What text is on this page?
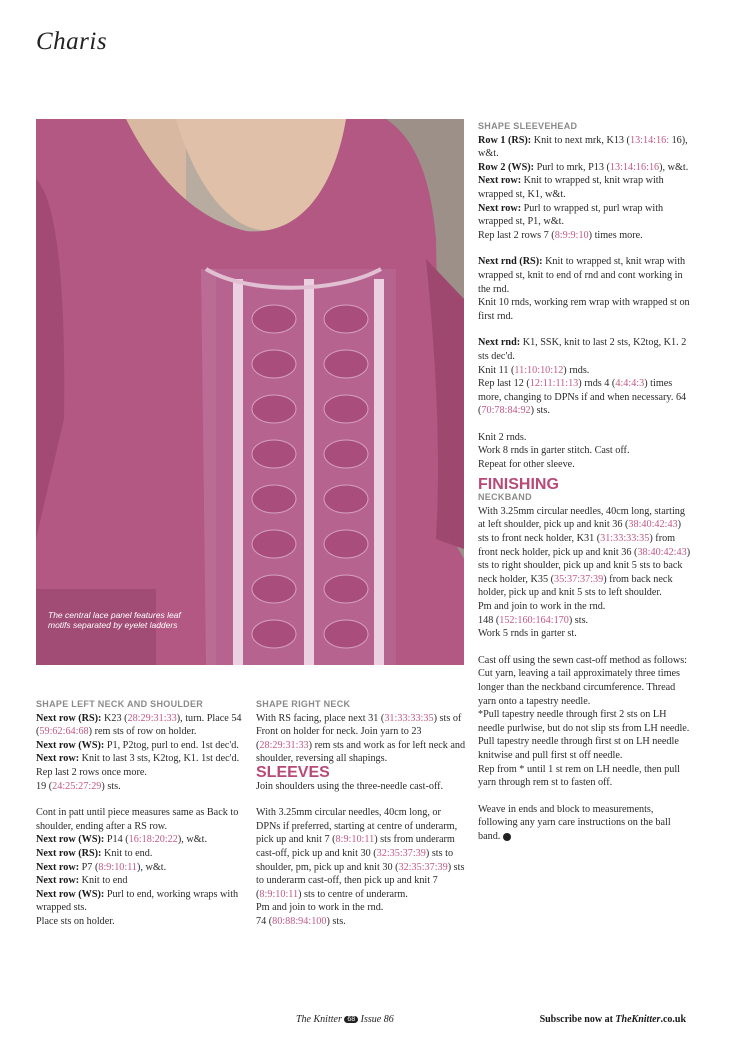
Charis
The central lace panel features leaf motifs separated by eyelet ladders

SHAPE LEFT NECK AND SHOULDER

Next row (RS): K23 (28:29:31:33), turn. Place 54 (59:62:64:68) rem sts of row on holder.

Next row (WS): P1, P2tog, purl to end. 1st dec'd.

Next row: Knit to last 3 sts, K2tog, K1. 1st dec'd.

Rep last 2 rows once more.

19 (24:25:27:29) sts.

Cont in patt until piece measures same as Back to shoulder, ending after a RS row.

Next row (WS): P14 (16:18:20:22), w&t.

Next row (RS): Knit to end.

Next row: P7 (8:9:10:11), w&t.

Next row: Knit to end

Next row (WS): Purl to end, working wraps with wrapped sts.

Place sts on holder.

SHAPE RIGHT NECK

With RS facing, place next 31 (31:33:33:35) sts of Front on holder for neck. Join yarn to 23 (28:29:31:33) rem sts and work as for left neck and shoulder, reversing all shapings.

SLEEVES

Join shoulders using the three-needle cast-off.

With 3.25mm circular needles, 40cm long, or DPNs if preferred, starting at centre of underarm, pick up and knit 7 (8:9:10:11) sts from underarm cast-off, pick up and knit 30 (32:35:37:39) sts to shoulder, pm, pick up and knit 30 (32:35:37:39) sts to underarm cast-off, then pick up and knit 7 (8:9:10:11) sts to centre of underarm.

Pm and join to work in the rnd.

74 (80:88:94:100) sts.

SHAPE SLEEVEHEAD

Row 1 (RS): Knit to next mrk, K13 (13:14:16: 16), w&t.

Row 2 (WS): Purl to mrk, P13 (13:14:16:16), w&t.

Next row: Knit to wrapped st, knit wrap with wrapped st, K1, w&t.

Next row: Purl to wrapped st, purl wrap with wrapped st, P1, w&t.

Rep last 2 rows 7 (8:9:9:10) times more.

Next rnd (RS): Knit to wrapped st, knit wrap with wrapped st, knit to end of rnd and cont working in the rnd.

Knit 10 rnds, working rem wrap with wrapped st on first rnd.

Next rnd: K1, SSK, knit to last 2 sts, K2tog, K1. 2 sts dec'd.

Knit 11 (11:10:10:12) rnds.

Rep last 12 (12:11:11:13) rnds 4 (4:4:4:3) times more, changing to DPNs if and when necessary. 64 (70:78:84:92) sts.

Knit 2 rnds.

Work 8 rnds in garter stitch. Cast off.

Repeat for other sleeve.

FINISHING

NECKBAND

With 3.25mm circular needles, 40cm long, starting at left shoulder, pick up and knit 36 (38:40:42:43) sts to front neck holder, K31 (31:33:33:35) from front neck holder, pick up and knit 36 (38:40:42:43) sts to right shoulder, pick up and knit 5 sts to back neck holder, K35 (35:37:37:39) from back neck holder, pick up and knit 5 sts to left shoulder.

Pm and join to work in the rnd.

148 (152:160:164:170) sts.

Work 5 rnds in garter st.

Cast off using the sewn cast-off method as follows:

Cut yarn, leaving a tail approximately three times longer than the neckband circumference. Thread yarn onto a tapestry needle.

*Pull tapestry needle through first 2 sts on LH needle purlwise, but do not slip sts from LH needle. Pull tapestry needle through first st on LH needle knitwise and pull first st off needle.

Rep from * until 1 st rem on LH needle, then pull yarn through rem st to fasten off.

Weave in ends and block to measurements, following any yarn care instructions on the ball band.

The Knitter 68 Issue 86	Subscribe now at TheKnitter.co.uk
